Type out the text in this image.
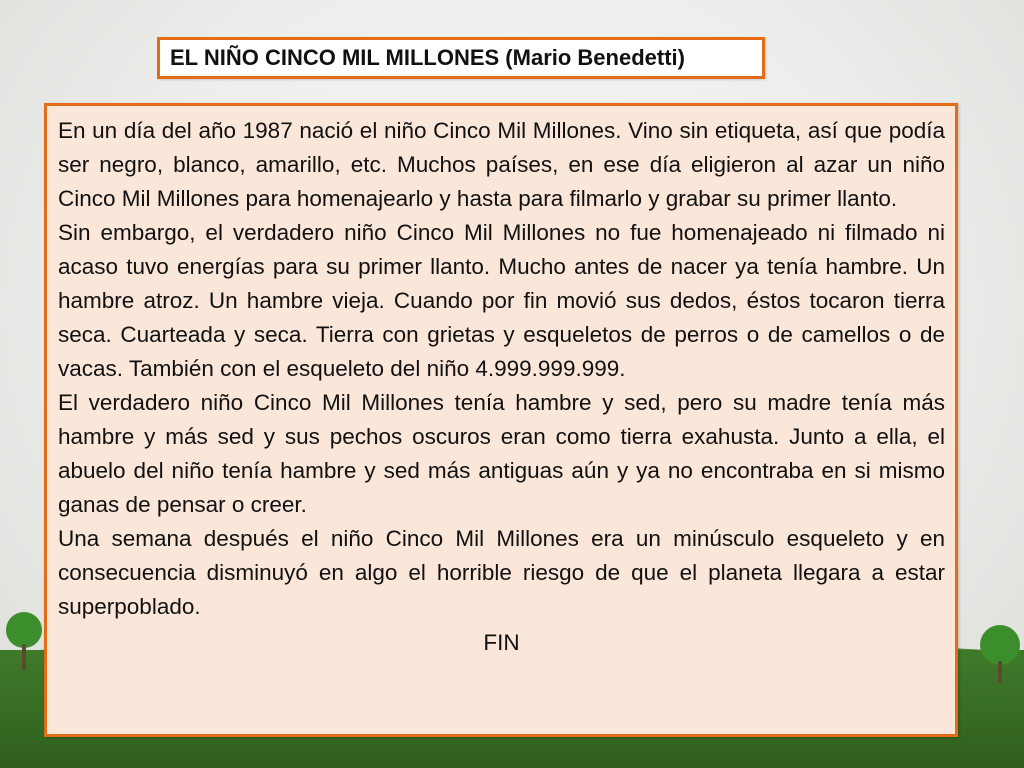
EL NIÑO CINCO MIL MILLONES (Mario Benedetti)

En un día del año 1987 nació el niño Cinco Mil Millones. Vino sin etiqueta, así que podía ser negro, blanco, amarillo, etc. Muchos países, en ese día eligieron al azar un niño Cinco Mil Millones para homenajearlo y hasta para filmarlo y grabar su primer llanto.

Sin embargo, el verdadero niño Cinco Mil Millones no fue homenajeado ni filmado ni acaso tuvo energías para su primer llanto. Mucho antes de nacer ya tenía hambre. Un hambre atroz. Un hambre vieja. Cuando por fin movió sus dedos, éstos tocaron tierra seca. Cuarteada y seca. Tierra con grietas y esqueletos de perros o de camellos o de vacas. También con el esqueleto del niño 4.999.999.999.

El verdadero niño Cinco Mil Millones tenía hambre y sed, pero su madre tenía más hambre y más sed y sus pechos oscuros eran como tierra exahusta. Junto a ella, el abuelo del niño tenía hambre y sed más antiguas aún y ya no encontraba en si mismo ganas de pensar o creer.

Una semana después el niño Cinco Mil Millones era un minúsculo esqueleto y en consecuencia disminuyó en algo el horrible riesgo de que el planeta llegara a estar superpoblado.

FIN
